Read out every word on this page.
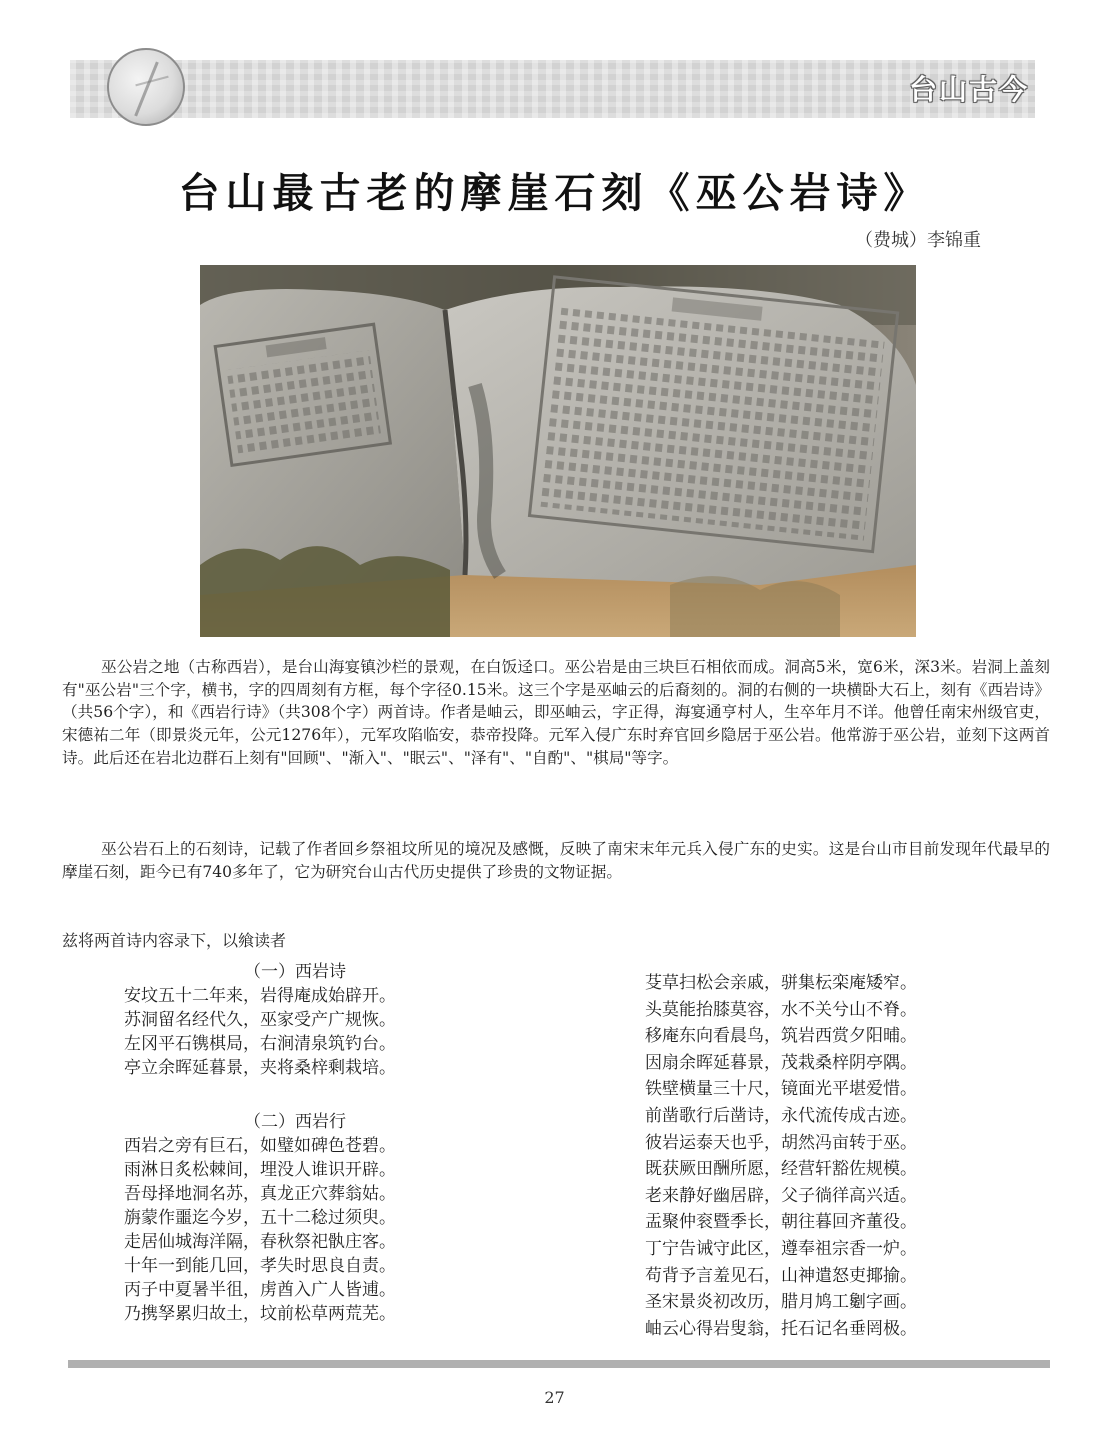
台山古今
台山最古老的摩崖石刻《巫公岩诗》
（费城）李锦重

巫公岩之地（古称西岩），是台山海宴镇沙栏的景观，在白饭迳口。巫公岩是由三块巨石相依而成。洞高5米，宽6米，深3米。岩洞上盖刻有"巫公岩"三个字，横书，字的四周刻有方框，每个字径0.15米。这三个字是巫岫云的后裔刻的。洞的右侧的一块横卧大石上，刻有《西岩诗》（共56个字），和《西岩行诗》（共308个字）两首诗。作者是岫云，即巫岫云，字正得，海宴通亨村人，生卒年月不详。他曾任南宋州级官吏，宋德祐二年（即景炎元年，公元1276年），元军攻陷临安，恭帝投降。元军入侵广东时弃官回乡隐居于巫公岩。他常游于巫公岩，並刻下这两首诗。此后还在岩北边群石上刻有"回顾"、"渐入"、"眠云"、"泽有"、"自酌"、"棋局"等字。

巫公岩石上的石刻诗，记载了作者回乡祭祖坟所见的境况及感慨，反映了南宋末年元兵入侵广东的史实。这是台山市目前发现年代最早的摩崖石刻，距今已有740多年了，它为研究台山古代历史提供了珍贵的文物证据。

兹将两首诗内容录下，以飨读者
（一）西岩诗
安坟五十二年来，岩得庵成始辟开。
苏洞留名经代久，巫家受产广规恢。
左冈平石镌棋局，右涧清泉筑钓台。
亭立余晖延暮景，夹将桑梓剩栽培。
（二）西岩行
西岩之旁有巨石，如璧如碑色苍碧。
雨淋日炙松棘间，埋没人谁识开辟。
吾母择地洞名苏，真龙正穴葬翁姑。
旃蒙作噩迄今岁，五十二稔过须臾。
走居仙城海洋隔，春秋祭祀骫庄客。
十年一到能几回，孝失时思良自责。
丙子中夏暑半徂，虏酋入广人皆逋。
乃携孥累归故土，坟前松草两荒芜。
芟草扫松会亲戚，骈集枟栾庵矮窄。
头莫能抬膝莫容，水不关兮山不脊。
移庵东向看晨鸟，筑岩西赏夕阳晡。
因扇余晖延暮景，茂栽桑梓阴亭隅。
铁壁横量三十尺，镜面光平堪爱惜。
前凿歌行后凿诗，永代流传成古迹。
彼岩运泰天也乎，胡然冯亩转于巫。
既获厥田酬所愿，经营轩豁佐规模。
老来静好幽居辟，父子徜徉高兴适。
盂聚仲衮暨季长，朝往暮回齐董役。
丁宁告诫守此区，遵奉祖宗香一炉。
苟背予言羞见石，山神遣怒吏揶揄。
圣宋景炎初改历，腊月鸠工劖字画。
岫云心得岩叟翁，托石记名垂罔极。
27
